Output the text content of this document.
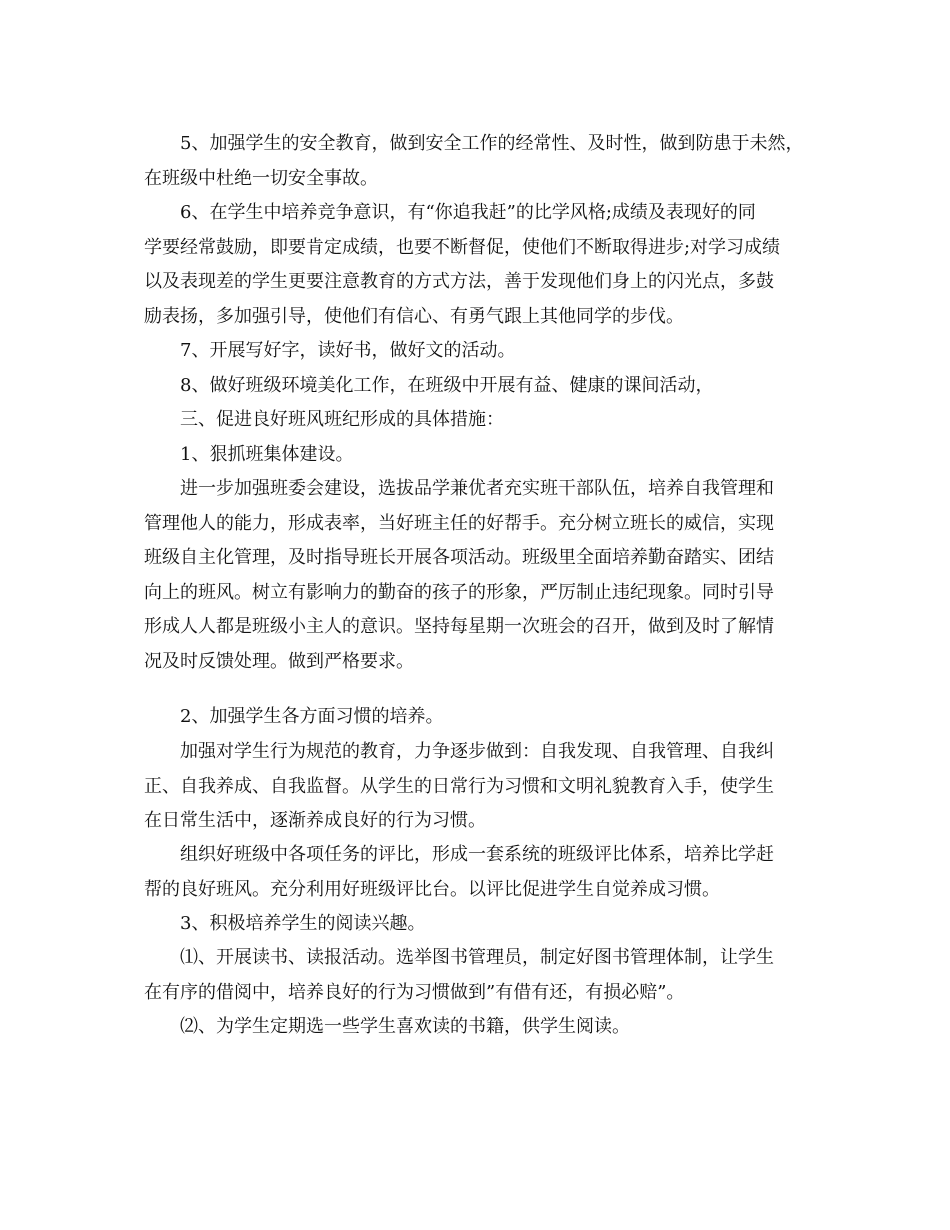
5、加强学生的安全教育，做到安全工作的经常性、及时性，做到防患于未然，
在班级中杜绝一切安全事故。
6、在学生中培养竞争意识，有“你追我赶”的比学风格;成绩及表现好的同
学要经常鼓励，即要肯定成绩，也要不断督促，使他们不断取得进步;对学习成绩
以及表现差的学生更要注意教育的方式方法，善于发现他们身上的闪光点，多鼓
励表扬，多加强引导，使他们有信心、有勇气跟上其他同学的步伐。
7、开展写好字，读好书，做好文的活动。
8、做好班级环境美化工作，在班级中开展有益、健康的课间活动，
三、促进良好班风班纪形成的具体措施：
1、狠抓班集体建设。
进一步加强班委会建设，选拔品学兼优者充实班干部队伍，培养自我管理和
管理他人的能力，形成表率，当好班主任的好帮手。充分树立班长的威信，实现
班级自主化管理，及时指导班长开展各项活动。班级里全面培养勤奋踏实、团结
向上的班风。树立有影响力的勤奋的孩子的形象，严厉制止违纪现象。同时引导
形成人人都是班级小主人的意识。坚持每星期一次班会的召开，做到及时了解情
况及时反馈处理。做到严格要求。
2、加强学生各方面习惯的培养。
加强对学生行为规范的教育，力争逐步做到：自我发现、自我管理、自我纠
正、自我养成、自我监督。从学生的日常行为习惯和文明礼貌教育入手，使学生
在日常生活中，逐渐养成良好的行为习惯。
组织好班级中各项任务的评比，形成一套系统的班级评比体系，培养比学赶
帮的良好班风。充分利用好班级评比台。以评比促进学生自觉养成习惯。
3、积极培养学生的阅读兴趣。
⑴、开展读书、读报活动。选举图书管理员，制定好图书管理体制，让学生
在有序的借阅中，培养良好的行为习惯做到”有借有还，有损必赔”。
⑵、为学生定期选一些学生喜欢读的书籍，供学生阅读。
